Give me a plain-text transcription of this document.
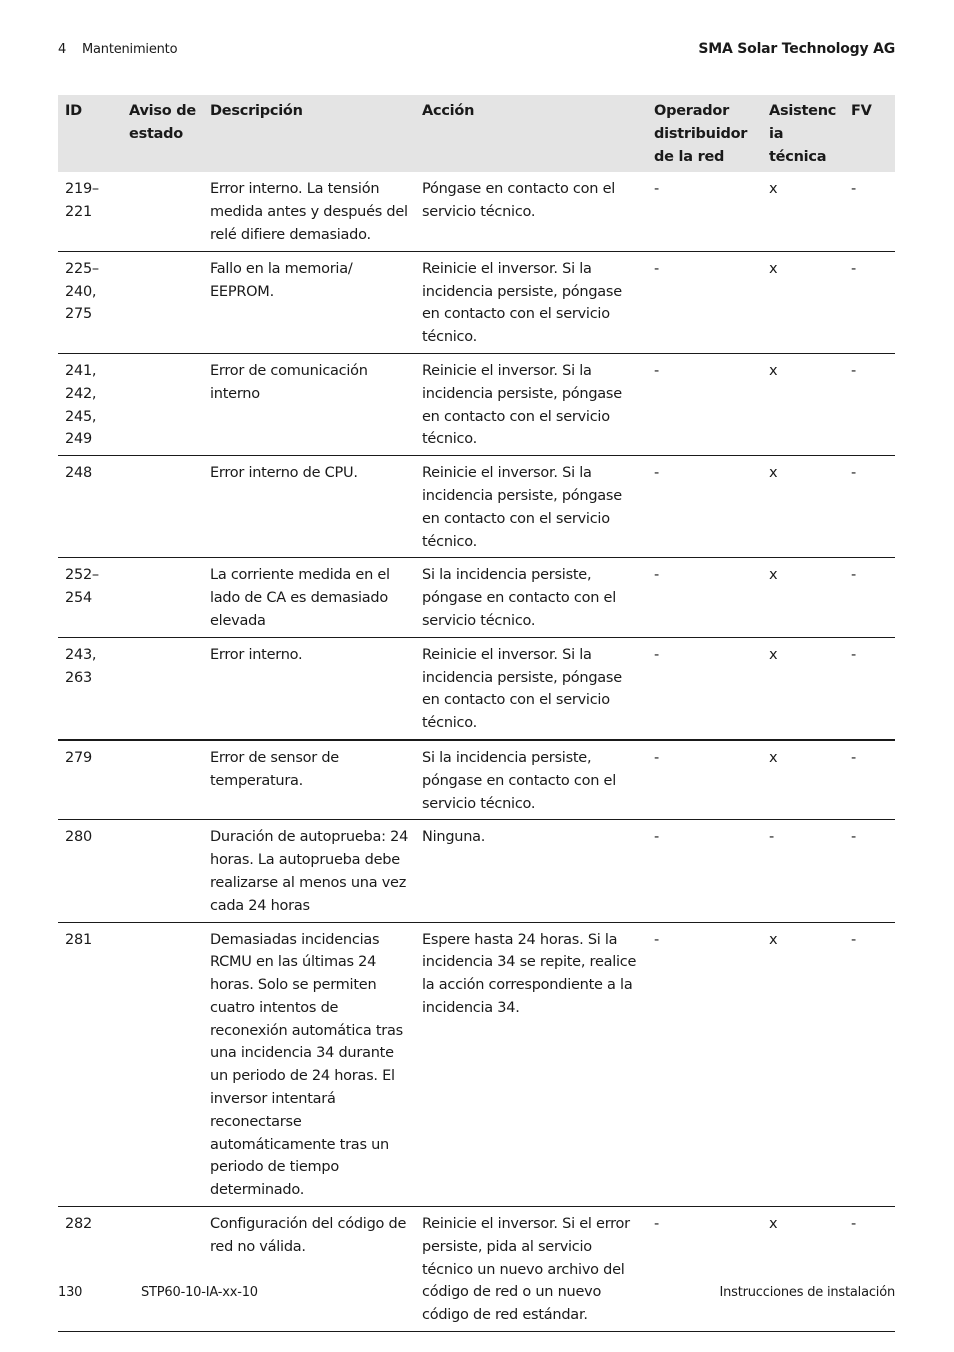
4 Mantenimiento	SMA Solar Technology AG
ID	Aviso de estado	Descripción	Acción	Operador distribuidor de la red	Asistenc
ia
técnica	FV
219–
221		Error interno. La tensión medida antes y después del relé difiere demasiado.	Póngase en contacto con el servicio técnico.	-	x	-
225–
240,
275		Fallo en la memoria/
EEPROM.	Reinicie el inversor. Si la incidencia persiste, póngase en contacto con el servicio técnico.	-	x	-
241,
242,
245,
249		Error de comunicación interno	Reinicie el inversor. Si la incidencia persiste, póngase en contacto con el servicio técnico.	-	x	-
248		Error interno de CPU.	Reinicie el inversor. Si la incidencia persiste, póngase en contacto con el servicio técnico.	-	x	-
252–
254		La corriente medida en el lado de CA es demasiado elevada	Si la incidencia persiste, póngase en contacto con el servicio técnico.	-	x	-
243,
263		Error interno.	Reinicie el inversor. Si la incidencia persiste, póngase en contacto con el servicio técnico.	-	x	-
279		Error de sensor de temperatura.	Si la incidencia persiste, póngase en contacto con el servicio técnico.	-	x	-
280		Duración de autoprueba: 24 horas. La autoprueba debe realizarse al menos una vez cada 24 horas	Ninguna.	-	-	-
281		Demasiadas incidencias RCMU en las últimas 24 horas. Solo se permiten cuatro intentos de reconexión automática tras una incidencia 34 durante un periodo de 24 horas. El inversor intentará reconectarse automáticamente tras un periodo de tiempo determinado.	Espere hasta 24 horas. Si la incidencia 34 se repite, realice la acción correspondiente a la incidencia 34.	-	x	-
282		Configuración del código de red no válida.	Reinicie el inversor. Si el error persiste, pida al servicio técnico un nuevo archivo del código de red o un nuevo código de red estándar.	-	x	-
130	STP60-10-IA-xx-10	Instrucciones de instalación
